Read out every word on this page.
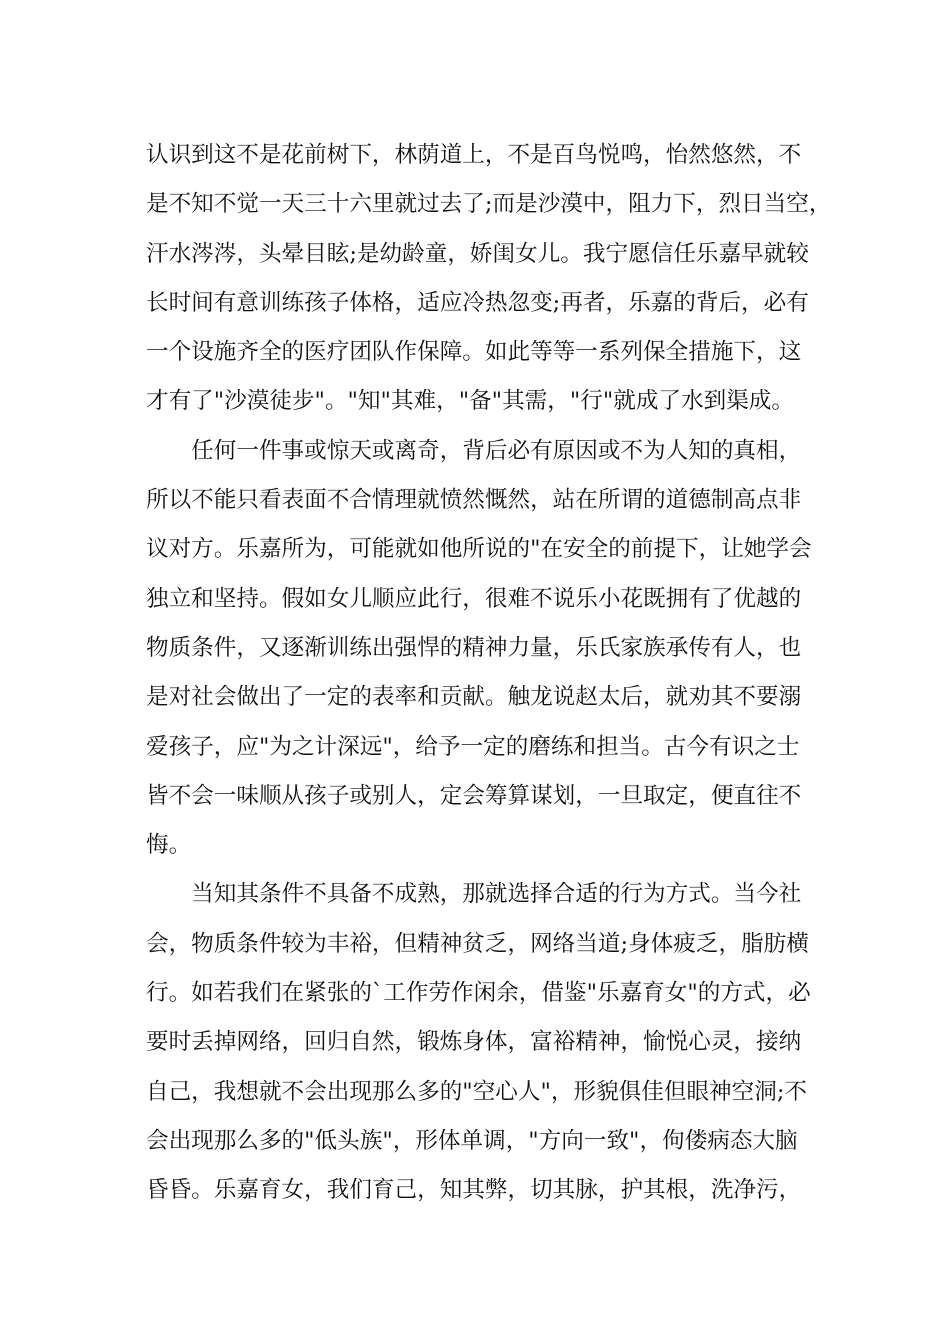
认识到这不是花前树下，林荫道上，不是百鸟悦鸣，怡然悠然，不
是不知不觉一天三十六里就过去了;而是沙漠中，阻力下，烈日当空，
汗水涔涔，头晕目眩;是幼龄童，娇闺女儿。我宁愿信任乐嘉早就较
长时间有意训练孩子体格，适应冷热忽变;再者，乐嘉的背后，必有
一个设施齐全的医疗团队作保障。如此等等一系列保全措施下，这
才有了"沙漠徒步"。"知"其难，"备"其需，"行"就成了水到渠成。
　　任何一件事或惊天或离奇，背后必有原因或不为人知的真相，
所以不能只看表面不合情理就愤然慨然，站在所谓的道德制高点非
议对方。乐嘉所为，可能就如他所说的"在安全的前提下，让她学会
独立和坚持。假如女儿顺应此行，很难不说乐小花既拥有了优越的
物质条件，又逐渐训练出强悍的精神力量，乐氏家族承传有人，也
是对社会做出了一定的表率和贡献。触龙说赵太后，就劝其不要溺
爱孩子，应"为之计深远"，给予一定的磨练和担当。古今有识之士
皆不会一味顺从孩子或别人，定会筹算谋划，一旦取定，便直往不
悔。
　　当知其条件不具备不成熟，那就选择合适的行为方式。当今社
会，物质条件较为丰裕，但精神贫乏，网络当道;身体疲乏，脂肪横
行。如若我们在紧张的`工作劳作闲余，借鉴"乐嘉育女"的方式，必
要时丢掉网络，回归自然，锻炼身体，富裕精神，愉悦心灵，接纳
自己，我想就不会出现那么多的"空心人"，形貌俱佳但眼神空洞;不
会出现那么多的"低头族"，形体单调，"方向一致"，佝偻病态大脑
昏昏。乐嘉育女，我们育己，知其弊，切其脉，护其根，洗净污，
